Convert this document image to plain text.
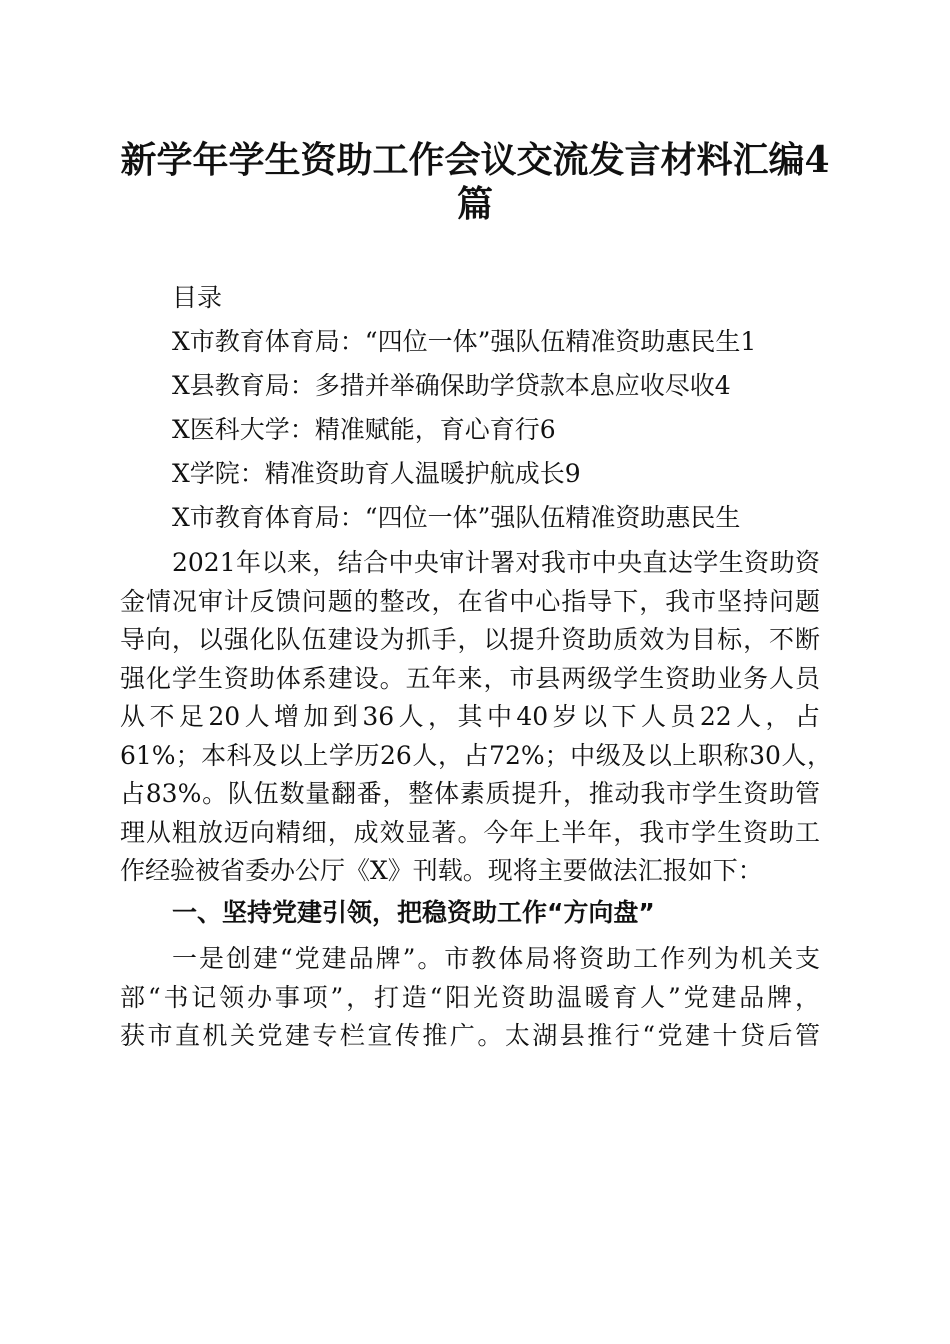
新学年学生资助工作会议交流发言材料汇编4
篇
目录
X市教育体育局：“四位一体”强队伍精准资助惠民生1
X县教育局：多措并举确保助学贷款本息应收尽收4
X医科大学：精准赋能，育心育行6
X学院：精准资助育人温暖护航成长9
X市教育体育局：“四位一体”强队伍精准资助惠民生
2021年以来，结合中央审计署对我市中央直达学生资助资
金情况审计反馈问题的整改，在省中心指导下，我市坚持问题
导向，以强化队伍建设为抓手，以提升资助质效为目标，不断
强化学生资助体系建设。五年来，市县两级学生资助业务人员
从不足20人增加到36人，其中40岁以下人员22人，占
61%；本科及以上学历26人，占72%；中级及以上职称30人，
占83%。队伍数量翻番，整体素质提升，推动我市学生资助管
理从粗放迈向精细，成效显著。今年上半年，我市学生资助工
作经验被省委办公厅《X》刊载。现将主要做法汇报如下：
一、坚持党建引领，把稳资助工作“方向盘”
一是创建“党建品牌”。市教体局将资助工作列为机关支
部“书记领办事项”，打造“阳光资助温暖育人”党建品牌，
获市直机关党建专栏宣传推广。太湖县推行“党建十贷后管
